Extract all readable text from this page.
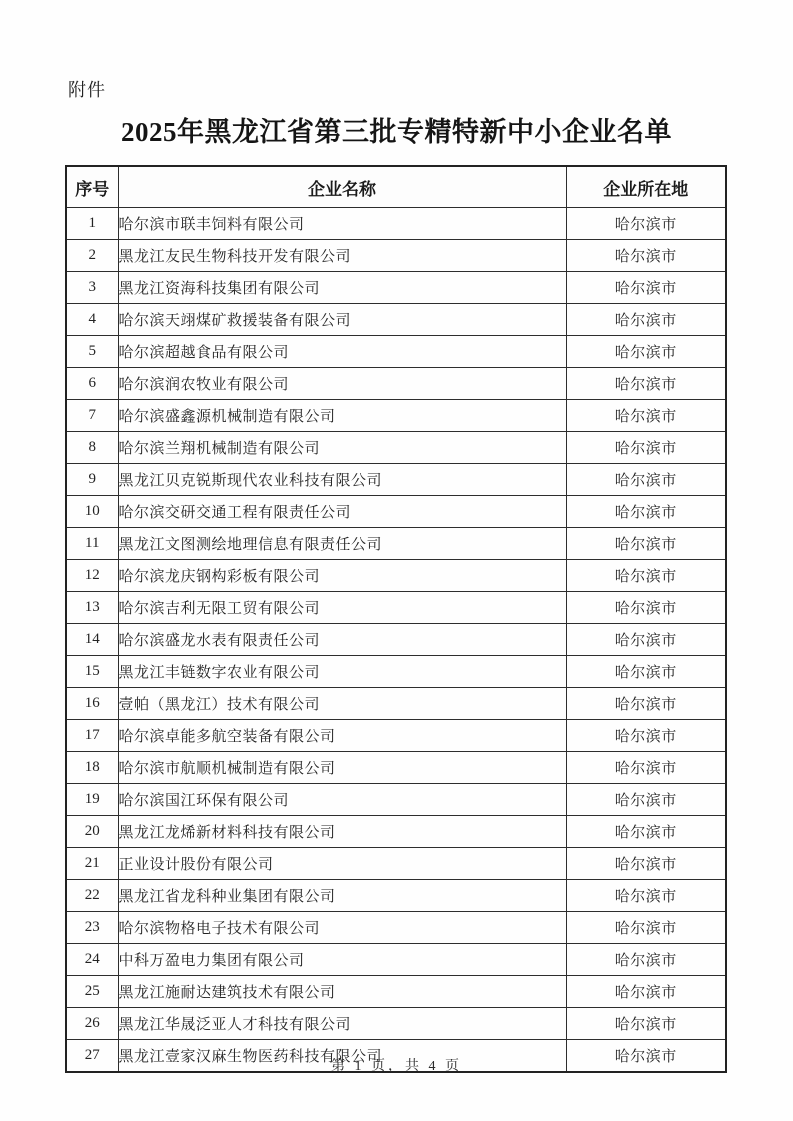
附件
2025年黑龙江省第三批专精特新中小企业名单
序号	企业名称	企业所在地
1	哈尔滨市联丰饲料有限公司	哈尔滨市
2	黑龙江友民生物科技开发有限公司	哈尔滨市
3	黑龙江资海科技集团有限公司	哈尔滨市
4	哈尔滨天翊煤矿救援装备有限公司	哈尔滨市
5	哈尔滨超越食品有限公司	哈尔滨市
6	哈尔滨润农牧业有限公司	哈尔滨市
7	哈尔滨盛鑫源机械制造有限公司	哈尔滨市
8	哈尔滨兰翔机械制造有限公司	哈尔滨市
9	黑龙江贝克锐斯现代农业科技有限公司	哈尔滨市
10	哈尔滨交研交通工程有限责任公司	哈尔滨市
11	黑龙江文图测绘地理信息有限责任公司	哈尔滨市
12	哈尔滨龙庆钢构彩板有限公司	哈尔滨市
13	哈尔滨吉利无限工贸有限公司	哈尔滨市
14	哈尔滨盛龙水表有限责任公司	哈尔滨市
15	黑龙江丰链数字农业有限公司	哈尔滨市
16	壹帕（黑龙江）技术有限公司	哈尔滨市
17	哈尔滨卓能多航空装备有限公司	哈尔滨市
18	哈尔滨市航顺机械制造有限公司	哈尔滨市
19	哈尔滨国江环保有限公司	哈尔滨市
20	黑龙江龙烯新材料科技有限公司	哈尔滨市
21	正业设计股份有限公司	哈尔滨市
22	黑龙江省龙科种业集团有限公司	哈尔滨市
23	哈尔滨物格电子技术有限公司	哈尔滨市
24	中科万盈电力集团有限公司	哈尔滨市
25	黑龙江施耐达建筑技术有限公司	哈尔滨市
26	黑龙江华晟泛亚人才科技有限公司	哈尔滨市
27	黑龙江壹家汉麻生物医药科技有限公司	哈尔滨市
第 1 页，共 4 页
